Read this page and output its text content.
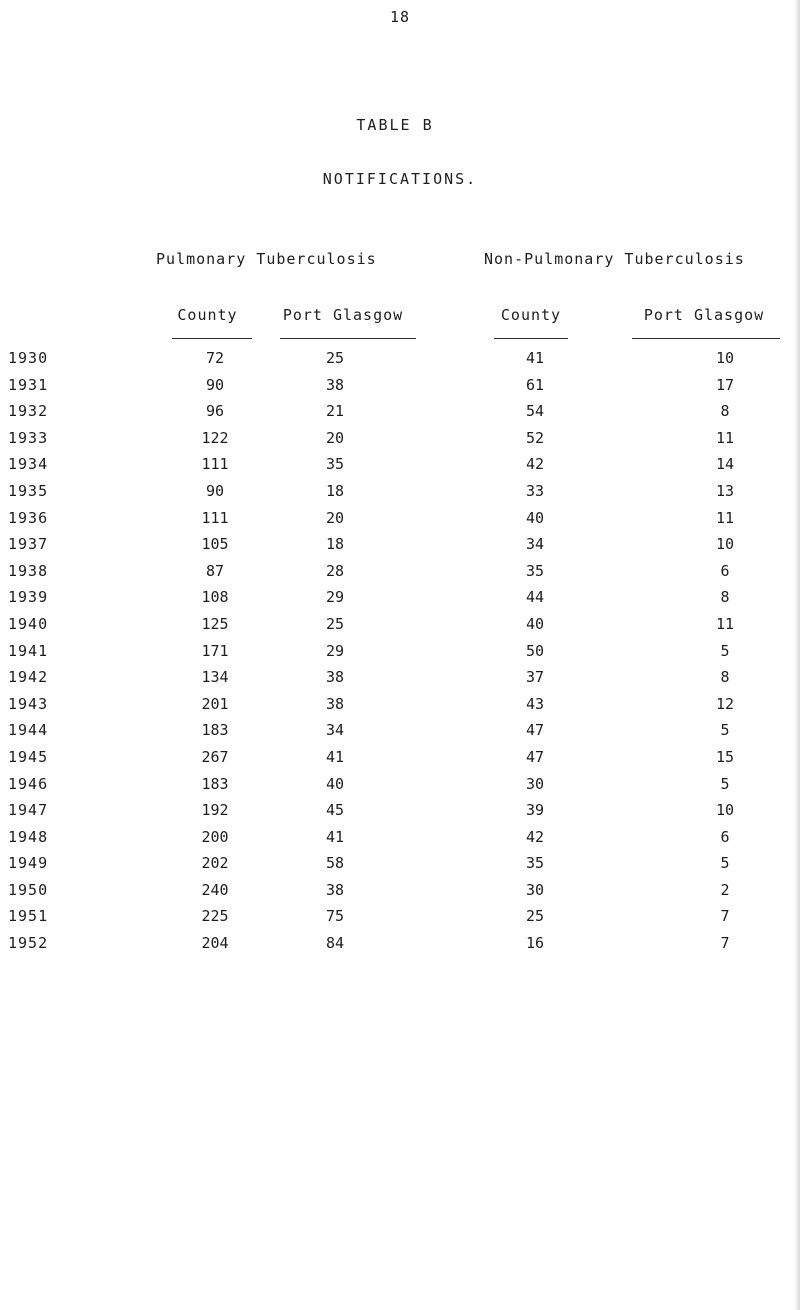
18
TABLE B
NOTIFICATIONS.
Pulmonary Tuberculosis	Non-Pulmonary Tuberculosis
County	Port Glasgow	County	Port Glasgow
1930	72	25	41	10
1931	90	38	61	17
1932	96	21	54	8
1933	122	20	52	11
1934	111	35	42	14
1935	90	18	33	13
1936	111	20	40	11
1937	105	18	34	10
1938	87	28	35	6
1939	108	29	44	8
1940	125	25	40	11
1941	171	29	50	5
1942	134	38	37	8
1943	201	38	43	12
1944	183	34	47	5
1945	267	41	47	15
1946	183	40	30	5
1947	192	45	39	10
1948	200	41	42	6
1949	202	58	35	5
1950	240	38	30	2
1951	225	75	25	7
1952	204	84	16	7
